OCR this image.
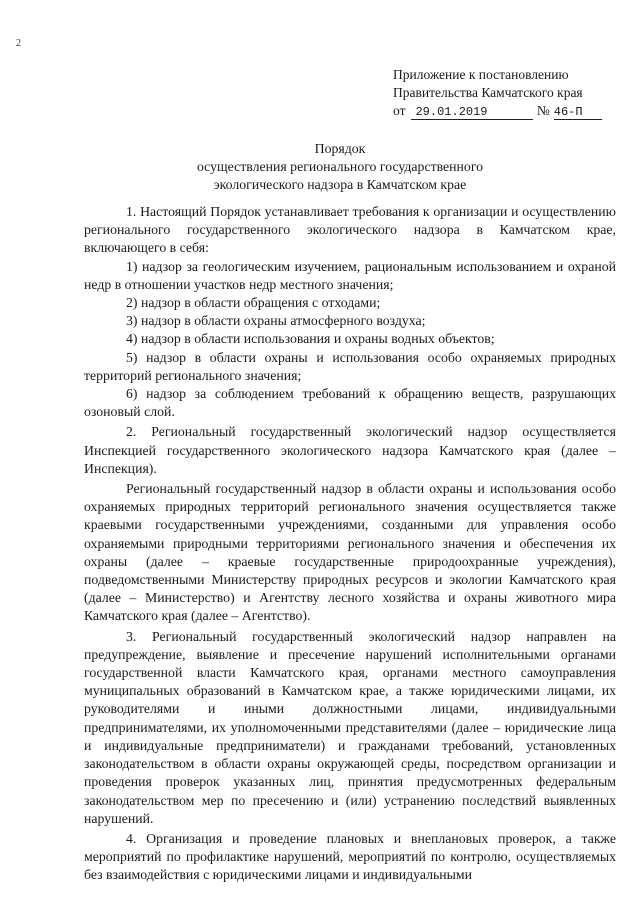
2
Приложение к постановлению
Правительства Камчатского края
от 29.01.2019	№ 46-П
Порядок
осуществления регионального государственного
экологического надзора в Камчатском крае

1. Настоящий Порядок устанавливает требования к организации и осуществлению регионального государственного экологического надзора в Камчатском крае, включающего в себя:

1) надзор за геологическим изучением, рациональным использованием и охраной недр в отношении участков недр местного значения;

2) надзор в области обращения с отходами;

3) надзор в области охраны атмосферного воздуха;

4) надзор в области использования и охраны водных объектов;

5) надзор в области охраны и использования особо охраняемых природных территорий регионального значения;

6) надзор за соблюдением требований к обращению веществ, разрушающих озоновый слой.

2. Региональный государственный экологический надзор осуществляется Инспекцией государственного экологического надзора Камчатского края (далее – Инспекция).

Региональный государственный надзор в области охраны и использования особо охраняемых природных территорий регионального значения осуществляется также краевыми государственными учреждениями, созданными для управления особо охраняемыми природными территориями регионального значения и обеспечения их охраны (далее – краевые государственные природоохранные учреждения), подведомственными Министерству природных ресурсов и экологии Камчатского края (далее – Министерство) и Агентству лесного хозяйства и охраны животного мира Камчатского края (далее – Агентство).

3. Региональный государственный экологический надзор направлен на предупреждение, выявление и пресечение нарушений исполнительными органами государственной власти Камчатского края, органами местного самоуправления муниципальных образований в Камчатском крае, а также юридическими лицами, их руководителями и иными должностными лицами, индивидуальными предпринимателями, их уполномоченными представителями (далее – юридические лица и индивидуальные предприниматели) и гражданами требований, установленных законодательством в области охраны окружающей среды, посредством организации и проведения проверок указанных лиц, принятия предусмотренных федеральным законодательством мер по пресечению и (или) устранению последствий выявленных нарушений.

4. Организация и проведение плановых и внеплановых проверок, а также мероприятий по профилактике нарушений, мероприятий по контролю, осуществляемых без взаимодействия с юридическими лицами и индивидуальными
